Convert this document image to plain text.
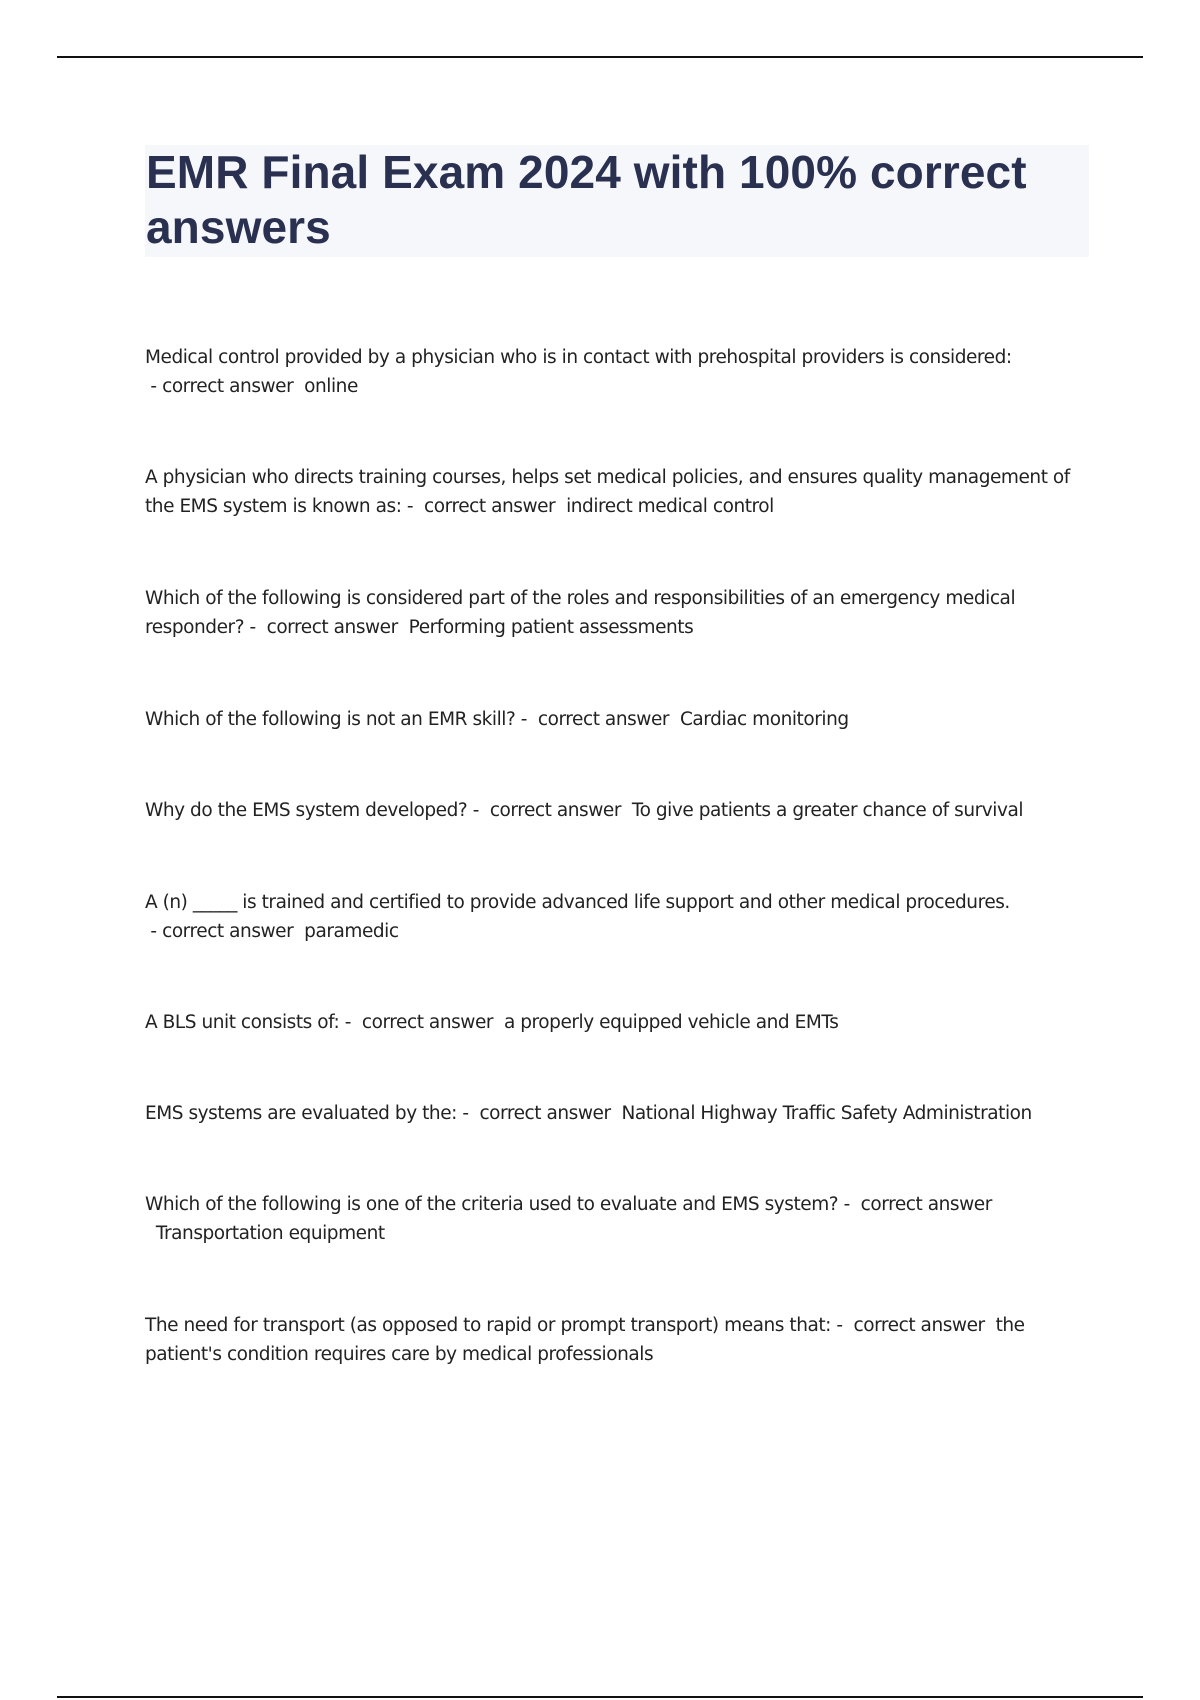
EMR Final Exam 2024 with 100% correct answers

Medical control provided by a physician who is in contact with prehospital providers is considered: - correct answer online

A physician who directs training courses, helps set medical policies, and ensures quality management of the EMS system is known as: -  correct answer indirect medical control

Which of the following is considered part of the roles and responsibilities of an emergency medical responder? -  correct answer Performing patient assessments

Which of the following is not an EMR skill? -  correct answer Cardiac monitoring

Why do the EMS system developed? -  correct answer To give patients a greater chance of survival

A (n) _____ is trained and certified to provide advanced life support and other medical procedures. - correct answer paramedic

A BLS unit consists of: -  correct answer a properly equipped vehicle and EMTs

EMS systems are evaluated by the: -  correct answer National Highway Traffic Safety Administration

Which of the following is one of the criteria used to evaluate and EMS system? -  correct answer  Transportation equipment

The need for transport (as opposed to rapid or prompt transport) means that: -  correct answer the patient's condition requires care by medical professionals
